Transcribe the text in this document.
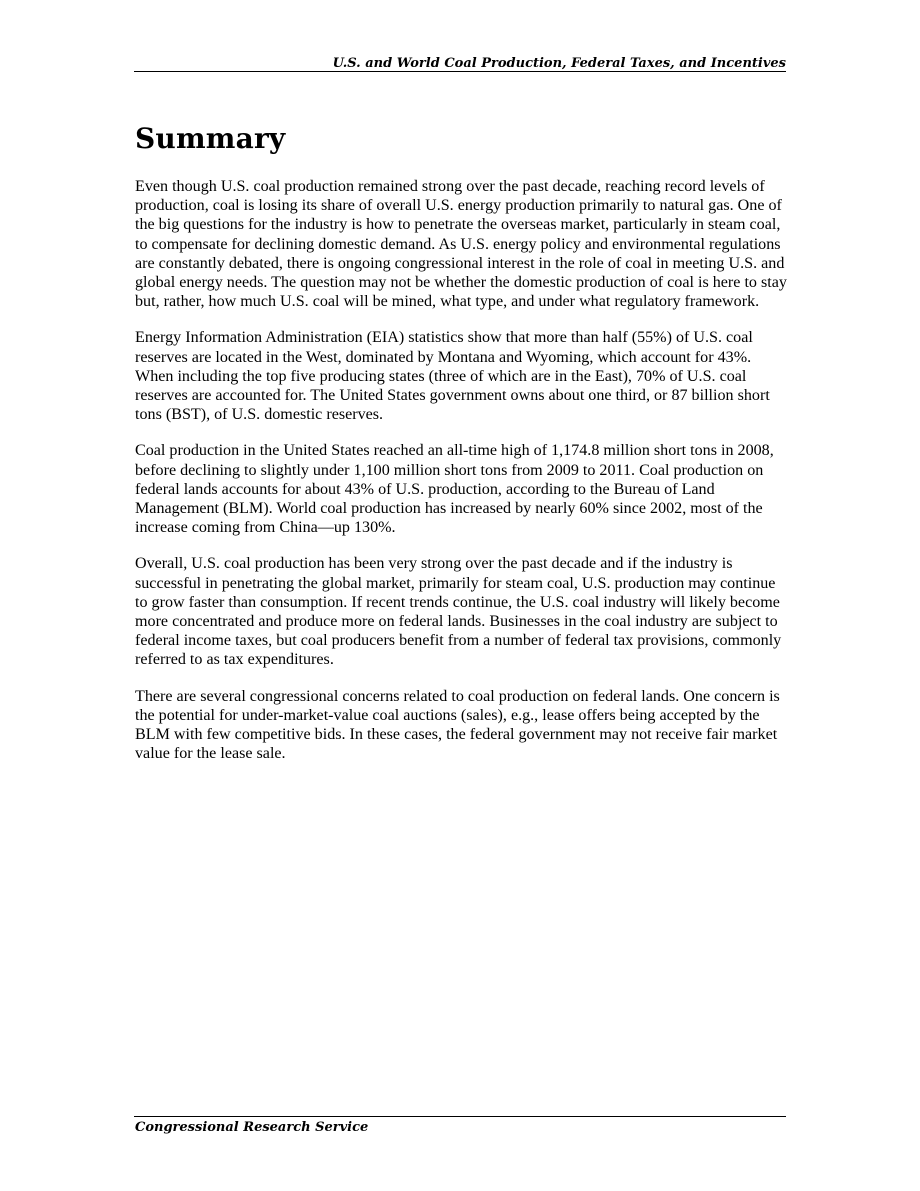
U.S. and World Coal Production, Federal Taxes, and Incentives
Summary

Even though U.S. coal production remained strong over the past decade, reaching record levels of production, coal is losing its share of overall U.S. energy production primarily to natural gas. One of the big questions for the industry is how to penetrate the overseas market, particularly in steam coal, to compensate for declining domestic demand. As U.S. energy policy and environmental regulations are constantly debated, there is ongoing congressional interest in the role of coal in meeting U.S. and global energy needs. The question may not be whether the domestic production of coal is here to stay but, rather, how much U.S. coal will be mined, what type, and under what regulatory framework.

Energy Information Administration (EIA) statistics show that more than half (55%) of U.S. coal reserves are located in the West, dominated by Montana and Wyoming, which account for 43%. When including the top five producing states (three of which are in the East), 70% of U.S. coal reserves are accounted for. The United States government owns about one third, or 87 billion short tons (BST), of U.S. domestic reserves.

Coal production in the United States reached an all-time high of 1,174.8 million short tons in 2008, before declining to slightly under 1,100 million short tons from 2009 to 2011. Coal production on federal lands accounts for about 43% of U.S. production, according to the Bureau of Land Management (BLM). World coal production has increased by nearly 60% since 2002, most of the increase coming from China—up 130%.

Overall, U.S. coal production has been very strong over the past decade and if the industry is successful in penetrating the global market, primarily for steam coal, U.S. production may continue to grow faster than consumption. If recent trends continue, the U.S. coal industry will likely become more concentrated and produce more on federal lands. Businesses in the coal industry are subject to federal income taxes, but coal producers benefit from a number of federal tax provisions, commonly referred to as tax expenditures.

There are several congressional concerns related to coal production on federal lands. One concern is the potential for under-market-value coal auctions (sales), e.g., lease offers being accepted by the BLM with few competitive bids. In these cases, the federal government may not receive fair market value for the lease sale.

Congressional Research Service
